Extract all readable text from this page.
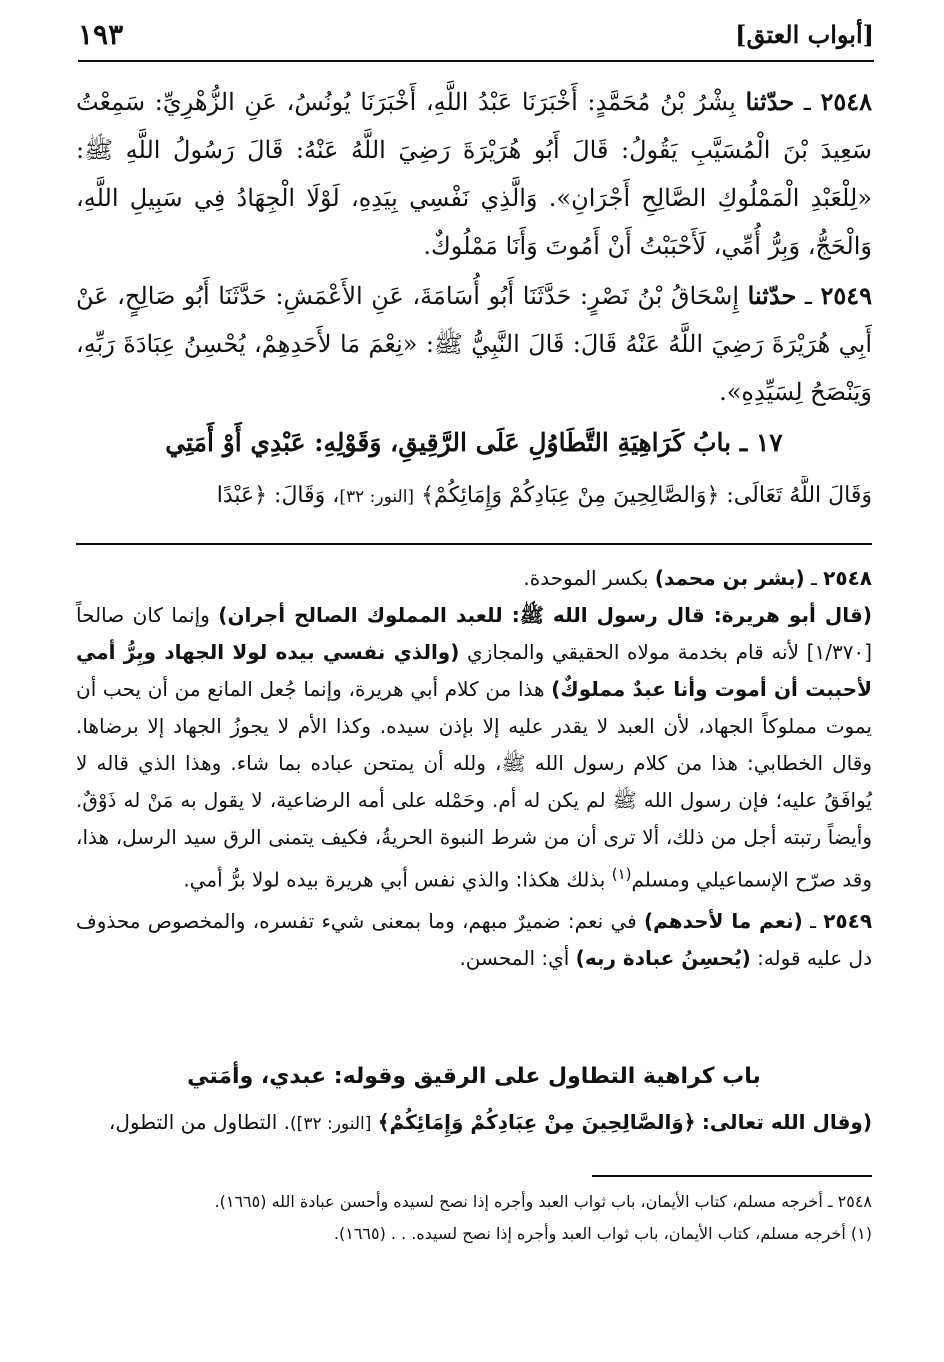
[أبواب العتق]
١٩٣

٢٥٤٨ ـ حدّثنا بِشْرُ بْنُ مُحَمَّدٍ: أَخْبَرَنَا عَبْدُ اللَّهِ، أَخْبَرَنَا يُونُسُ، عَنِ الزُّهْرِيِّ: سَمِعْتُ سَعِيدَ بْنَ الْمُسَيَّبِ يَقُولُ: قَالَ أَبُو هُرَيْرَةَ رَضِيَ اللَّهُ عَنْهُ: قَالَ رَسُولُ اللَّهِ ﷺ: «لِلْعَبْدِ الْمَمْلُوكِ الصَّالِحِ أَجْرَانِ». وَالَّذِي نَفْسِي بِيَدِهِ، لَوْلَا الْجِهَادُ فِي سَبِيلِ اللَّهِ، وَالْحَجُّ، وَبِرُّ أُمِّي، لَأَحْبَبْتُ أَنْ أَمُوتَ وَأَنَا مَمْلُوكٌ.

٢٥٤٩ ـ حدّثنا إِسْحَاقُ بْنُ نَصْرٍ: حَدَّثَنَا أَبُو أُسَامَةَ، عَنِ الأَعْمَشِ: حَدَّثَنَا أَبُو صَالِحٍ، عَنْ أَبِي هُرَيْرَةَ رَضِيَ اللَّهُ عَنْهُ قَالَ: قَالَ النَّبِيُّ ﷺ: «نِعْمَ مَا لأَحَدِهِمْ، يُحْسِنُ عِبَادَةَ رَبِّهِ، وَيَنْصَحُ لِسَيِّدِهِ».

١٧ ـ بابُ كَرَاهِيَةِ التَّطَاوُلِ عَلَى الرَّقِيقِ، وَقَوْلِهِ: عَبْدِي أَوْ أَمَتِي
وَقَالَ اللَّهُ تَعَالَى: ﴿وَالصَّالِحِينَ مِنْ عِبَادِكُمْ وَإِمَائِكُمْ﴾ [النور: ٣٢]، وَقَالَ: ﴿عَبْدًا

٢٥٤٨ ـ (بشر بن محمد) بكسر الموحدة.

(قال أبو هريرة: قال رسول الله ﷺ: للعبد المملوك الصالح أجران) وإنما كان صالحاً [١/٣٧٠] لأنه قام بخدمة مولاه الحقيقي والمجازي (والذي نفسي بيده لولا الجهاد وبِرُّ أمي لأحببت أن أموت وأنا عبدٌ مملوكٌ) هذا من كلام أبي هريرة، وإنما جُعل المانع من أن يحب أن يموت مملوكاً الجهاد، لأن العبد لا يقدر عليه إلا بإذن سيده. وكذا الأم لا يجوزُ الجهاد إلا برضاها. وقال الخطابي: هذا من كلام رسول الله ﷺ، ولله أن يمتحن عباده بما شاء. وهذا الذي قاله لا يُوافَقُ عليه؛ فإن رسول الله ﷺ لم يكن له أم. وحَمْله على أمه الرضاعية، لا يقول به مَنْ له ذَوْقٌ. وأيضاً رتبته أجل من ذلك، ألا ترى أن من شرط النبوة الحريةُ، فكيف يتمنى الرق سيد الرسل، هذا، وقد صرّح الإسماعيلي ومسلم$^{(١)}$ بذلك هكذا: والذي نفس أبي هريرة بيده لولا برُّ أمي.

٢٥٤٩ ـ (نعم ما لأحدهم) في نعم: ضميرٌ مبهم، وما بمعنى شيء تفسره، والمخصوص محذوف دل عليه قوله: (يُحسِنُ عبادة ربه) أي: المحسن.

باب كراهية التطاول على الرقيق وقوله: عبدي، وأمَتي

(وقال الله تعالى: ﴿وَالصَّالِحِينَ مِنْ عِبَادِكُمْ وَإِمَائِكُمْ﴾ [النور: ٣٢]). التطاول من التطول،

٢٥٤٨ ـ أخرجه مسلم، كتاب الأيمان، باب ثواب العبد وأجره إذا نصح لسيده وأحسن عبادة الله (١٦٦٥).

(١) أخرجه مسلم، كتاب الأيمان، باب ثواب العبد وأجره إذا نصح لسيده. . . (١٦٦٥).
